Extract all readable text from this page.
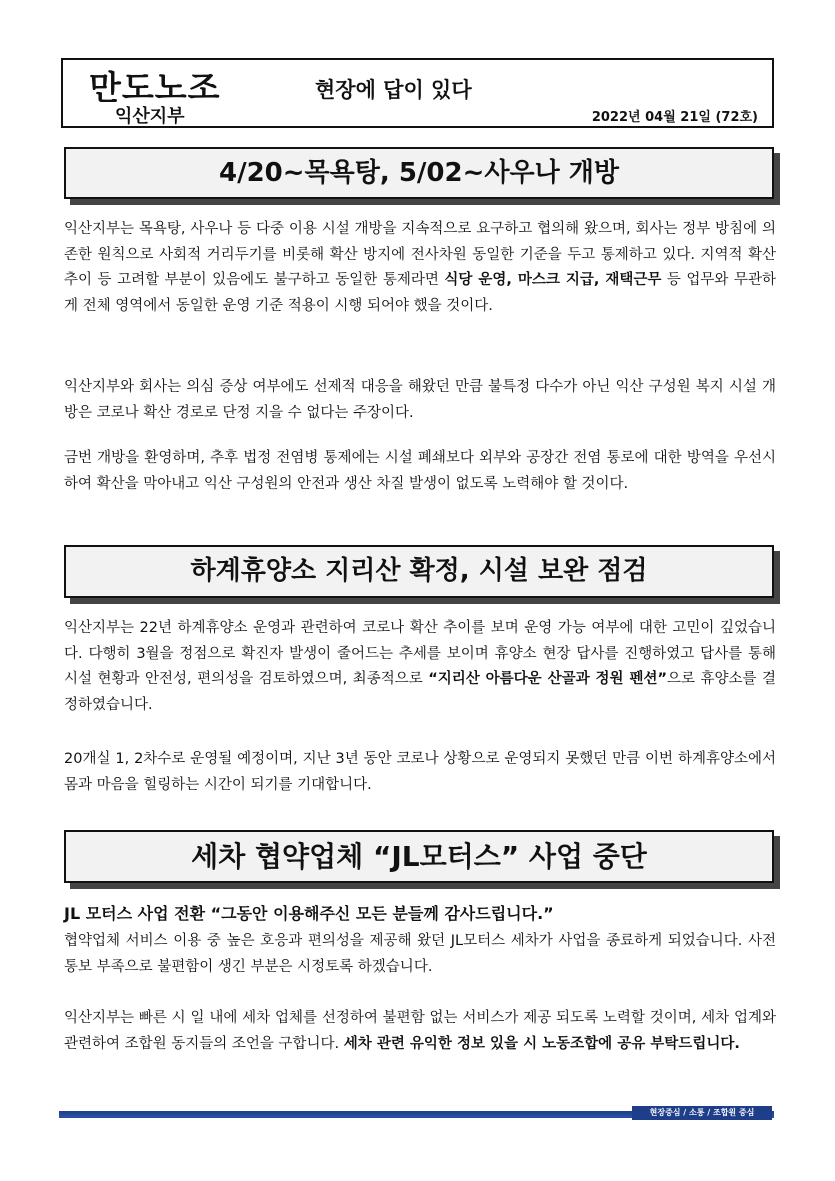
만도노조
익산지부
현장에 답이 있다
2022년 04월 21일 (72호)
4/20~목욕탕, 5/02~사우나 개방

익산지부는 목욕탕, 사우나 등 다중 이용 시설 개방을 지속적으로 요구하고 협의해 왔으며, 회사는 정부 방침에 의존한 원칙으로 사회적 거리두기를 비롯해 확산 방지에 전사차원 동일한 기준을 두고 통제하고 있다. 지역적 확산 추이 등 고려할 부분이 있음에도 불구하고 동일한 통제라면 식당 운영, 마스크 지급, 재택근무 등 업무와 무관하게 전체 영역에서 동일한 운영 기준 적용이 시행 되어야 했을 것이다.

익산지부와 회사는 의심 증상 여부에도 선제적 대응을 해왔던 만큼 불특정 다수가 아닌 익산 구성원 복지 시설 개방은 코로나 확산 경로로 단정 지을 수 없다는 주장이다.

금번 개방을 환영하며, 추후 법정 전염병 통제에는 시설 폐쇄보다 외부와 공장간 전염 통로에 대한 방역을 우선시 하여 확산을 막아내고 익산 구성원의 안전과 생산 차질 발생이 없도록 노력해야 할 것이다.

하계휴양소 지리산 확정, 시설 보완 점검

익산지부는 22년 하계휴양소 운영과 관련하여 코로나 확산 추이를 보며 운영 가능 여부에 대한 고민이 깊었습니다. 다행히 3월을 정점으로 확진자 발생이 줄어드는 추세를 보이며 휴양소 현장 답사를 진행하였고 답사를 통해 시설 현황과 안전성, 편의성을 검토하였으며, 최종적으로 “지리산 아름다운 산골과 정원 펜션”으로 휴양소를 결정하였습니다.

20개실 1, 2차수로 운영될 예정이며, 지난 3년 동안 코로나 상황으로 운영되지 못했던 만큼 이번 하계휴양소에서 몸과 마음을 힐링하는 시간이 되기를 기대합니다.

세차 협약업체 “JL모터스” 사업 중단

JL 모터스 사업 전환 “그동안 이용해주신 모든 분들께 감사드립니다.”

협약업체 서비스 이용 중 높은 호응과 편의성을 제공해 왔던 JL모터스 세차가 사업을 종료하게 되었습니다. 사전 통보 부족으로 불편함이 생긴 부분은 시정토록 하겠습니다.

익산지부는 빠른 시 일 내에 세차 업체를 선정하여 불편함 없는 서비스가 제공 되도록 노력할 것이며, 세차 업계와 관련하여 조합원 동지들의 조언을 구합니다. 세차 관련 유익한 정보 있을 시 노동조합에 공유 부탁드립니다.

현장중심 / 소통 / 조합원 중심
